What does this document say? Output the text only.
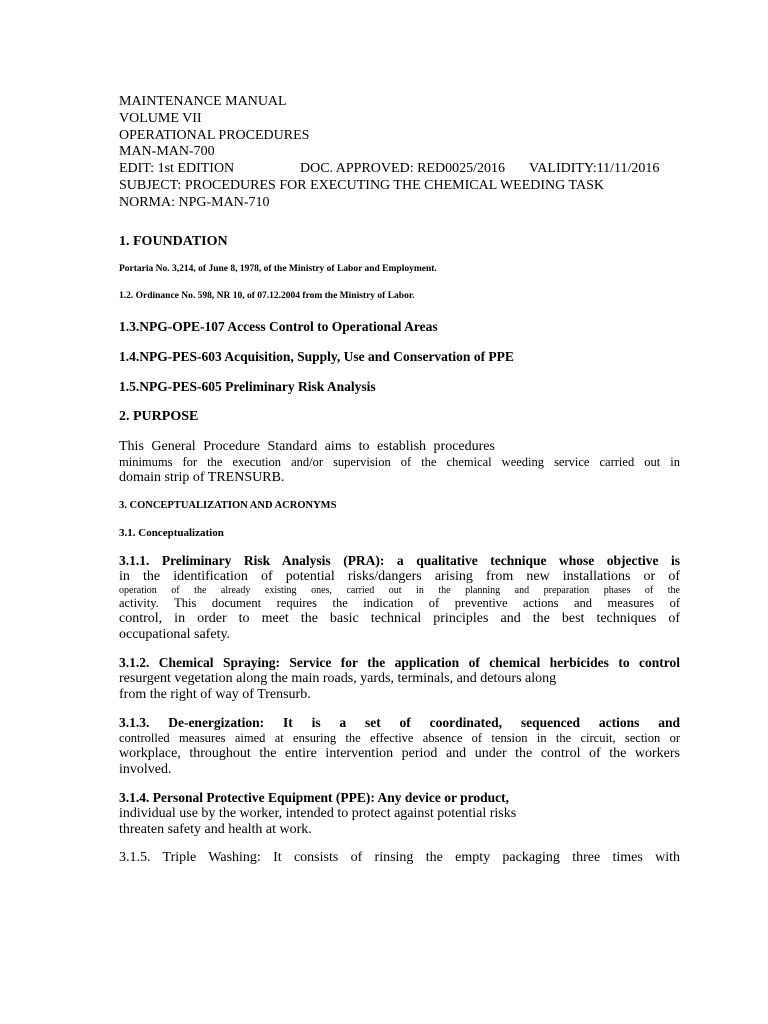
MAINTENANCE MANUAL

VOLUME VII

OPERATIONAL PROCEDURES

MAN-MAN-700

EDIT: 1st EDITION	DOC. APPROVED: RED0025/2016	VALIDITY:11/11/2016

SUBJECT: PROCEDURES FOR EXECUTING THE CHEMICAL WEEDING TASK

NORMA: NPG-MAN-710

1. FOUNDATION

Portaria No. 3,214, of June 8, 1978, of the Ministry of Labor and Employment.

1.2. Ordinance No. 598, NR 10, of 07.12.2004 from the Ministry of Labor.

1.3.NPG-OPE-107 Access Control to Operational Areas

1.4.NPG-PES-603 Acquisition, Supply, Use and Conservation of PPE

1.5.NPG-PES-605 Preliminary Risk Analysis

2. PURPOSE

This General Procedure Standard aims to establish procedures
minimums for the execution and/or supervision of the chemical weeding service carried out in
domain strip of TRENSURB.

3. CONCEPTUALIZATION AND ACRONYMS

3.1. Conceptualization

3.1.1. Preliminary Risk Analysis (PRA): a qualitative technique whose objective is
in the identification of potential risks/dangers arising from new installations or of
operation of the already existing ones, carried out in the planning and preparation phases of the
activity. This document requires the indication of preventive actions and measures of
control, in order to meet the basic technical principles and the best techniques of
occupational safety.
3.1.2. Chemical Spraying: Service for the application of chemical herbicides to control
resurgent vegetation along the main roads, yards, terminals, and detours along
from the right of way of Trensurb.
3.1.3. De-energization: It is a set of coordinated, sequenced actions and
controlled measures aimed at ensuring the effective absence of tension in the circuit, section or
workplace, throughout the entire intervention period and under the control of the workers
involved.
3.1.4. Personal Protective Equipment (PPE): Any device or product,
individual use by the worker, intended to protect against potential risks
threaten safety and health at work.
3.1.5. Triple Washing: It consists of rinsing the empty packaging three times with
